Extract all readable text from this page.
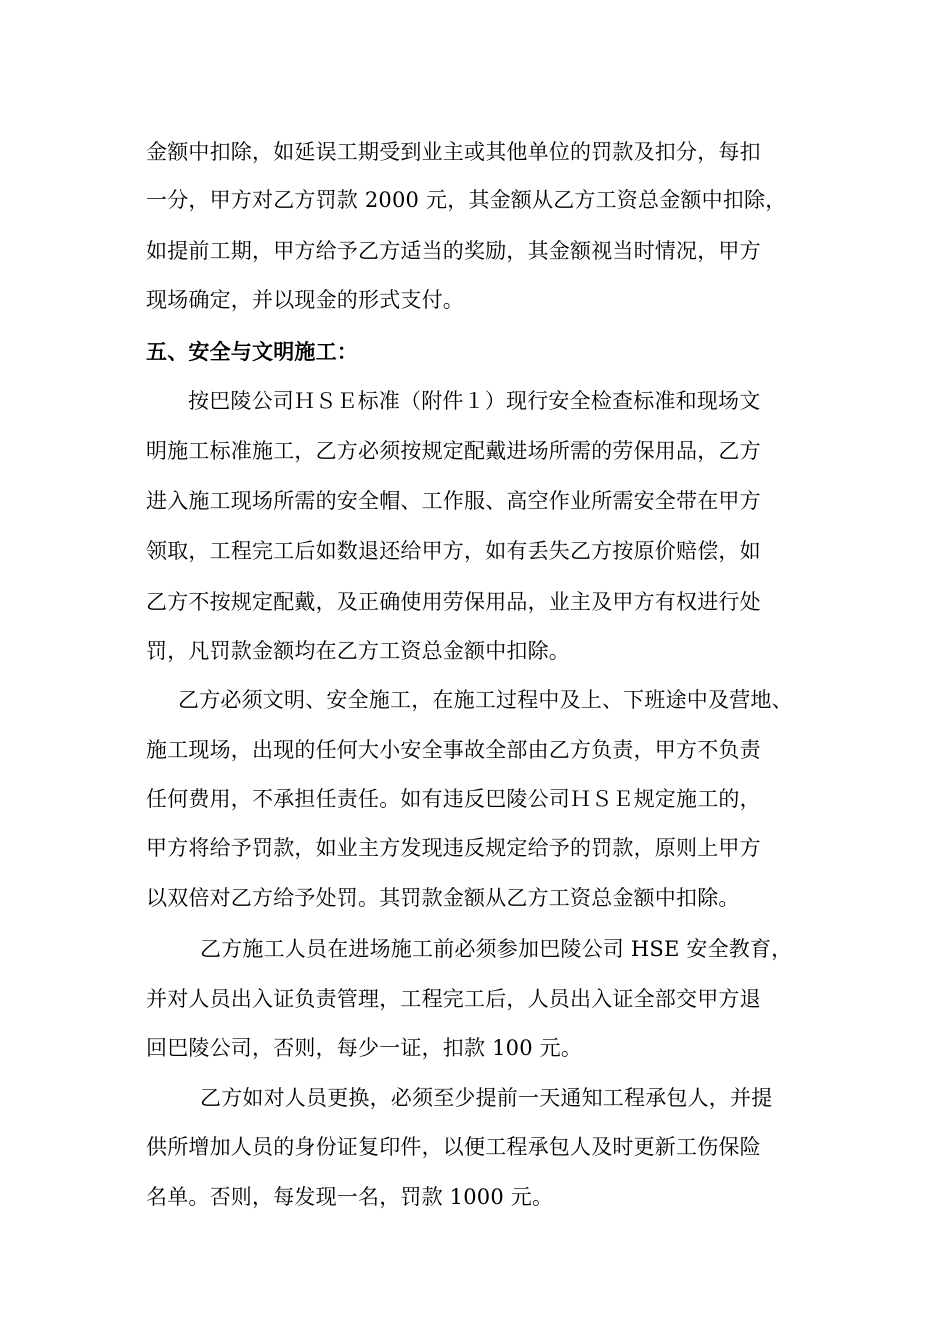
金额中扣除，如延误工期受到业主或其他单位的罚款及扣分，每扣
一分，甲方对乙方罚款 2000 元，其金额从乙方工资总金额中扣除，
如提前工期，甲方给予乙方适当的奖励，其金额视当时情况，甲方
现场确定，并以现金的形式支付。
五、安全与文明施工：
按巴陵公司ＨＳＥ标准（附件１）现行安全检查标准和现场文
明施工标准施工，乙方必须按规定配戴进场所需的劳保用品，乙方
进入施工现场所需的安全帽、工作服、高空作业所需安全带在甲方
领取，工程完工后如数退还给甲方，如有丢失乙方按原价赔偿，如
乙方不按规定配戴，及正确使用劳保用品，业主及甲方有权进行处
罚，凡罚款金额均在乙方工资总金额中扣除。
乙方必须文明、安全施工，在施工过程中及上、下班途中及营地、
施工现场，出现的任何大小安全事故全部由乙方负责，甲方不负责
任何费用，不承担任责任。如有违反巴陵公司ＨＳＥ规定施工的，
甲方将给予罚款，如业主方发现违反规定给予的罚款，原则上甲方
以双倍对乙方给予处罚。其罚款金额从乙方工资总金额中扣除。
乙方施工人员在进场施工前必须参加巴陵公司 HSE 安全教育，
并对人员出入证负责管理，工程完工后，人员出入证全部交甲方退
回巴陵公司，否则，每少一证，扣款 100 元。
乙方如对人员更换，必须至少提前一天通知工程承包人，并提
供所增加人员的身份证复印件，以便工程承包人及时更新工伤保险
名单。否则，每发现一名，罚款 1000 元。
